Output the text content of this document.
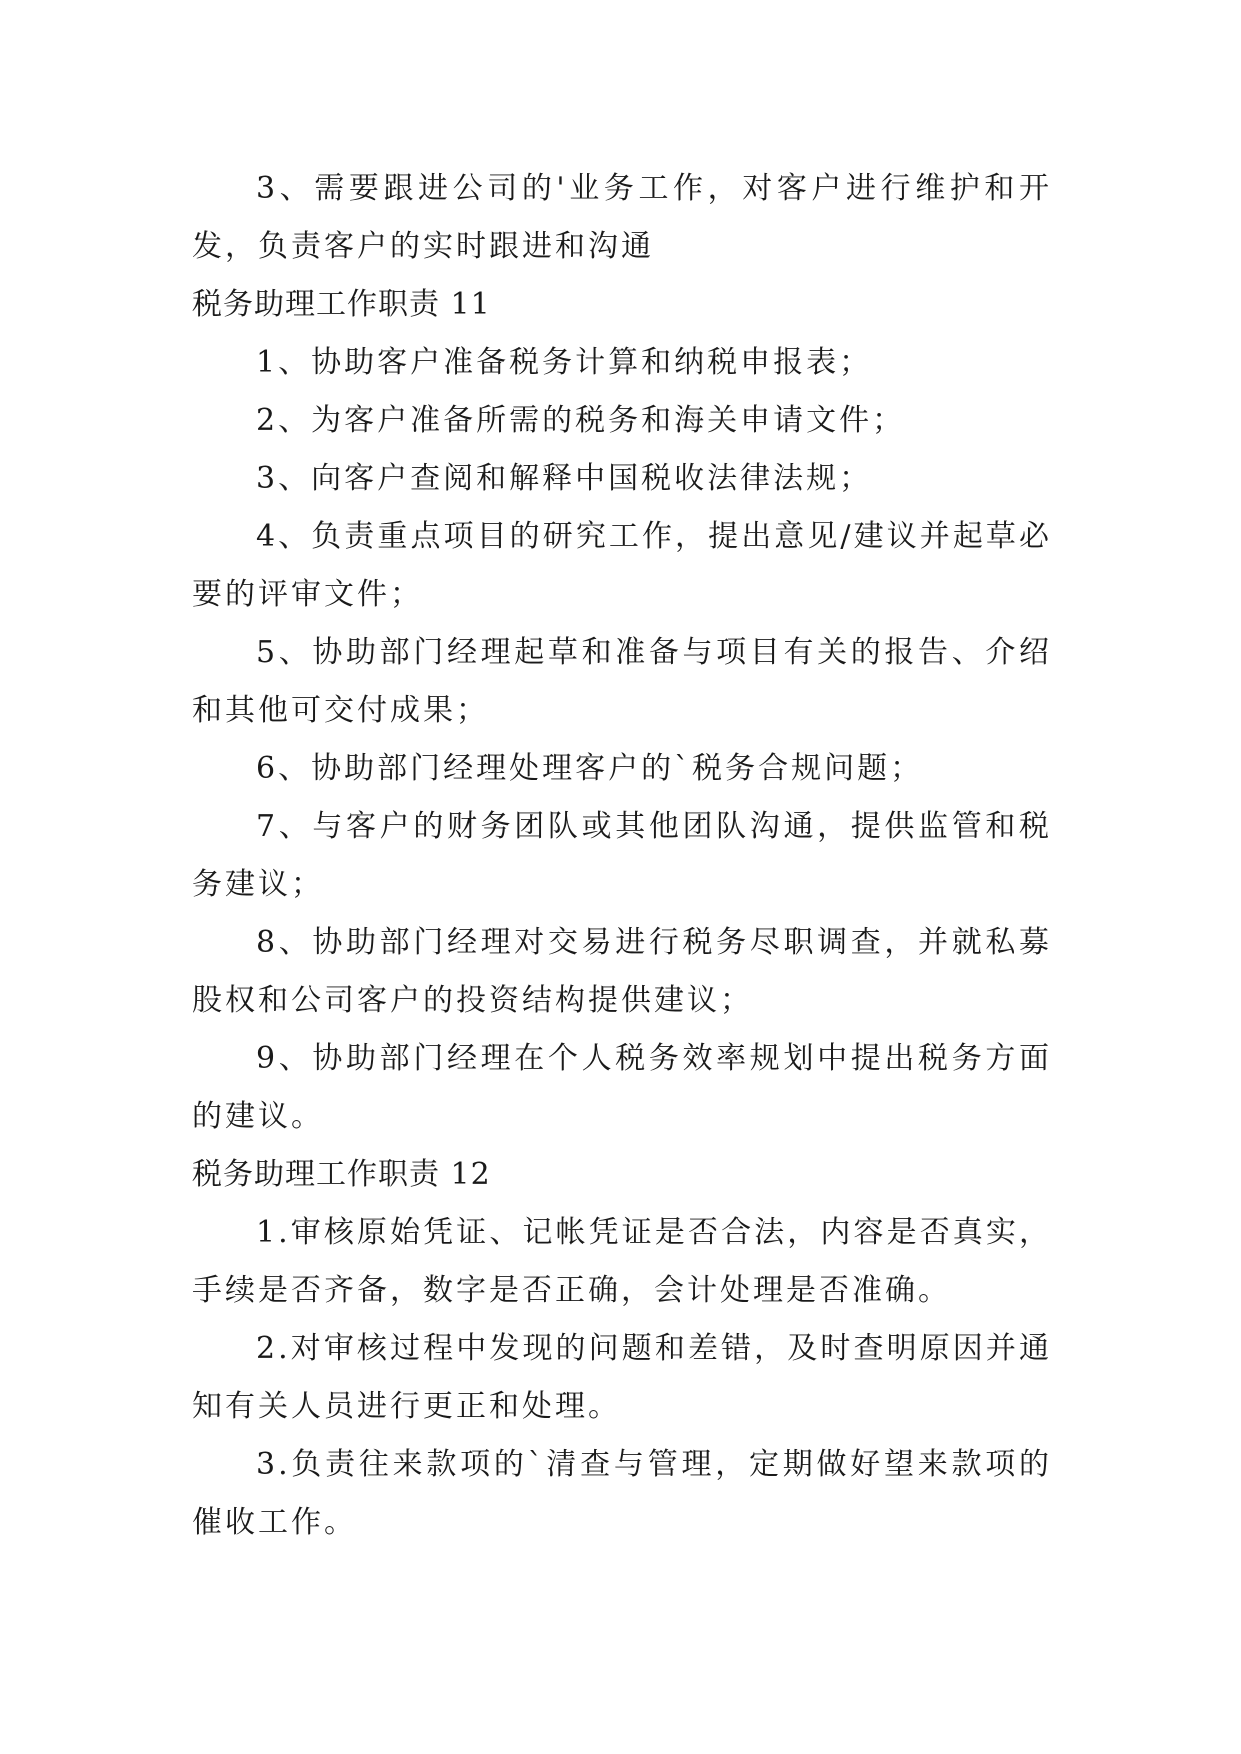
3、需要跟进公司的'业务工作，对客户进行维护和开发，负责客户的实时跟进和沟通

税务助理工作职责 11

1、协助客户准备税务计算和纳税申报表；

2、为客户准备所需的税务和海关申请文件；

3、向客户查阅和解释中国税收法律法规；

4、负责重点项目的研究工作，提出意见/建议并起草必要的评审文件；

5、协助部门经理起草和准备与项目有关的报告、介绍和其他可交付成果；

6、协助部门经理处理客户的`税务合规问题；

7、与客户的财务团队或其他团队沟通，提供监管和税务建议；

8、协助部门经理对交易进行税务尽职调查，并就私募股权和公司客户的投资结构提供建议；

9、协助部门经理在个人税务效率规划中提出税务方面的建议。

税务助理工作职责 12

1.审核原始凭证、记帐凭证是否合法，内容是否真实，手续是否齐备，数字是否正确，会计处理是否准确。

2.对审核过程中发现的问题和差错，及时查明原因并通知有关人员进行更正和处理。

3.负责往来款项的`清查与管理，定期做好望来款项的催收工作。
